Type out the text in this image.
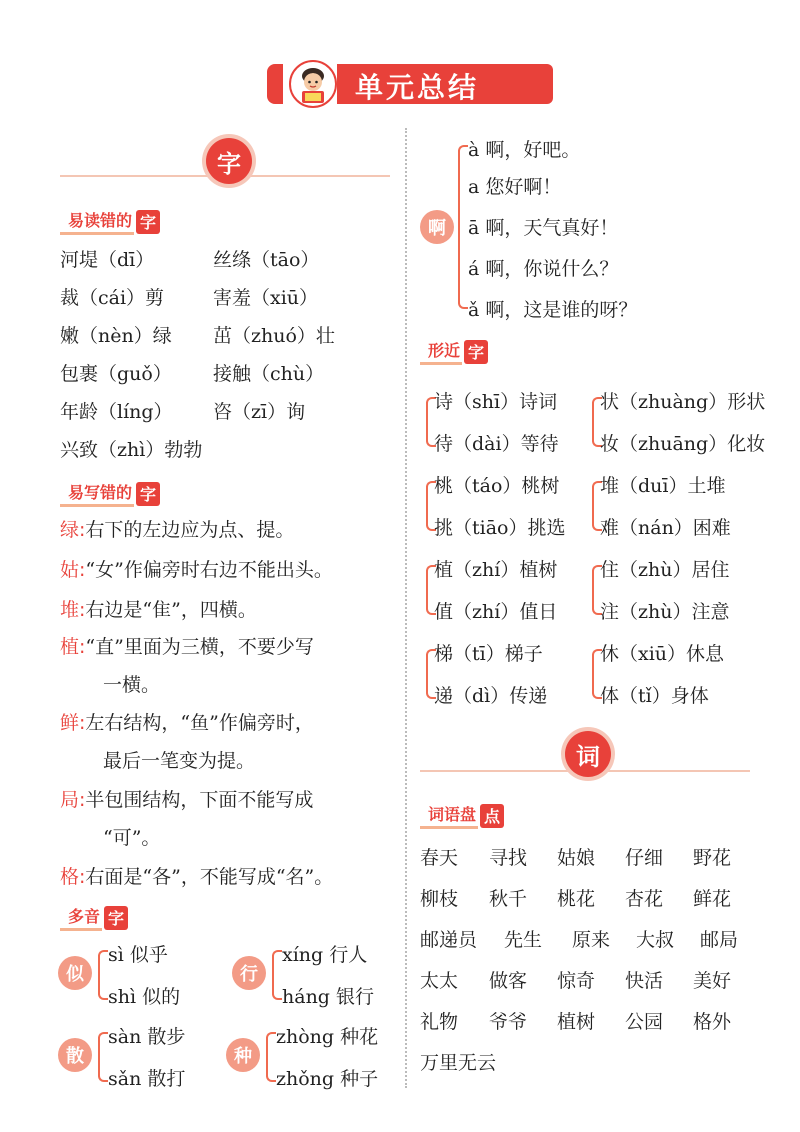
单元总结
字
易读错的 字
河堤（dī）	丝绦（tāo）
裁（cái）剪	害羞（xiū）
嫩（nèn）绿 茁（zhuó）壮
包裹（guǒ） 接触（chù）
年龄（líng） 咨（zī）询
兴致（zhì）勃勃
易写错的 字
绿:右下的左边应为点、提。
姑:“女”作偏旁时右边不能出头。
堆:右边是“隹”，四横。
植:“直”里面为三横，不要少写
一横。
鲜:左右结构，“鱼”作偏旁时，
最后一笔变为提。
局:半包围结构，下面不能写成
“可”。
格:右面是“各”，不能写成“名”。
多音 字
似
sì 似乎
shì 似的
行
xíng 行人
háng 银行
散
sàn 散步
sǎn 散打
种
zhòng 种花
zhǒng 种子
啊
à 啊，好吧。
a 您好啊！
ā 啊，天气真好！
á 啊，你说什么？
ǎ 啊，这是谁的呀？
形近 字
诗（shī）诗词
待（dài）等待
状（zhuàng）形状
妆（zhuāng）化妆
桃（táo）桃树
挑（tiāo）挑选
堆（duī）土堆
难（nán）困难
植（zhí）植树
值（zhí）值日
住（zhù）居住
注（zhù）注意
梯（tī）梯子
递（dì）传递
休（xiū）休息
体（tǐ）身体
词
词语盘 点
春天 寻找 姑娘 仔细 野花
柳枝 秋千 桃花 杏花 鲜花
邮递员 先生 原来 大叔 邮局
太太 做客 惊奇 快活 美好
礼物 爷爷 植树 公园 格外
万里无云
